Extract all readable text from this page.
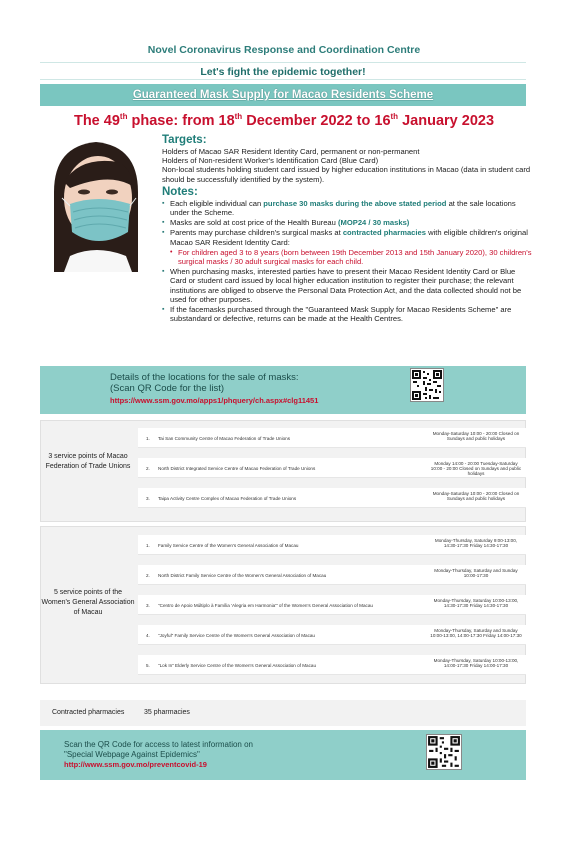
Novel Coronavirus Response and Coordination Centre
Let's fight the epidemic together!
Guaranteed Mask Supply for Macao Residents Scheme
The 49th phase: from 18th December 2022 to 16th January 2023
Targets:
Holders of Macao SAR Resident Identity Card, permanent or non-permanent
Holders of Non-resident Worker's Identification Card (Blue Card)
Non-local students holding student card issued by higher education institutions in Macao (data in student card should be successfully identified by the system).
Notes:
▪ Each eligible individual can purchase 30 masks during the above stated period at the sale locations under the Scheme.
▪ Masks are sold at cost price of the Health Bureau (MOP24 / 30 masks)
▪ Parents may purchase children's surgical masks at contracted pharmacies with eligible children's original Macao SAR Resident Identity Card:
• For children aged 3 to 8 years (born between 19th December 2013 and 15th January 2020), 30 children's surgical masks / 30 adult surgical masks for each child.
▪ When purchasing masks, interested parties have to present their Macao Resident Identity Card or Blue Card or student card issued by local higher education institution to register their purchase; the relevant institutions are obliged to observe the Personal Data Protection Act, and the data collected should not be used for other purposes.
▪ If the facemasks purchased through the "Guaranteed Mask Supply for Macao Residents Scheme" are substandard or defective, returns can be made at the Health Centres.
Details of the locations for the sale of masks:
(Scan QR Code for the list)
https://www.ssm.gov.mo/apps1/phquery/ch.aspx#clg11451
3 service points of Macao Federation of Trade Unions
1. Tai San Community Centre of Macao Federation of Trade Unions
Monday-Saturday 10:00 - 20:00 Closed on Sundays and public holidays
2. North District Integrated Service Centre of Macao Federation of Trade Unions
Monday 14:00 - 20:00 Tuesday-Saturday 10:00 - 20:00 Closed on Sundays and public holidays
3. Taipa Activity Centre Complex of Macao Federation of Trade Unions
Monday-Saturday 10:00 - 20:00 Closed on Sundays and public holidays
5 service points of the Women's General Association of Macau
1. Family Service Centre of the Women's General Association of Macau
Monday-Thursday, Saturday 9:00-13:00, 14:30-17:30 Friday 14:30-17:30
2. North District Family Service Centre of the Women's General Association of Macau
Monday-Thursday, Saturday and Sunday 10:00-17:30
3. "Centro de Apoio Múltiplo à Família 'Alegria em Harmonia'" of the Women's General Association of Macau
Monday-Thursday, Saturday 10:00-13:00, 14:30-17:30 Friday 14:30-17:30
4. "Joyful" Family Service Centre of the Women's General Association of Macau
Monday-Thursday, Saturday and Sunday 10:00-13:00, 14:00-17:30 Friday 14:00-17:30
5. "Lok In" Elderly Service Centre of the Women's General Association of Macau
Monday-Thursday, Saturday 10:00-13:00, 14:00-17:30 Friday 14:00-17:30
Contracted pharmacies	35 pharmacies
Scan the QR Code for access to latest information on
"Special Webpage Against Epidemics"
http://www.ssm.gov.mo/preventcovid-19
